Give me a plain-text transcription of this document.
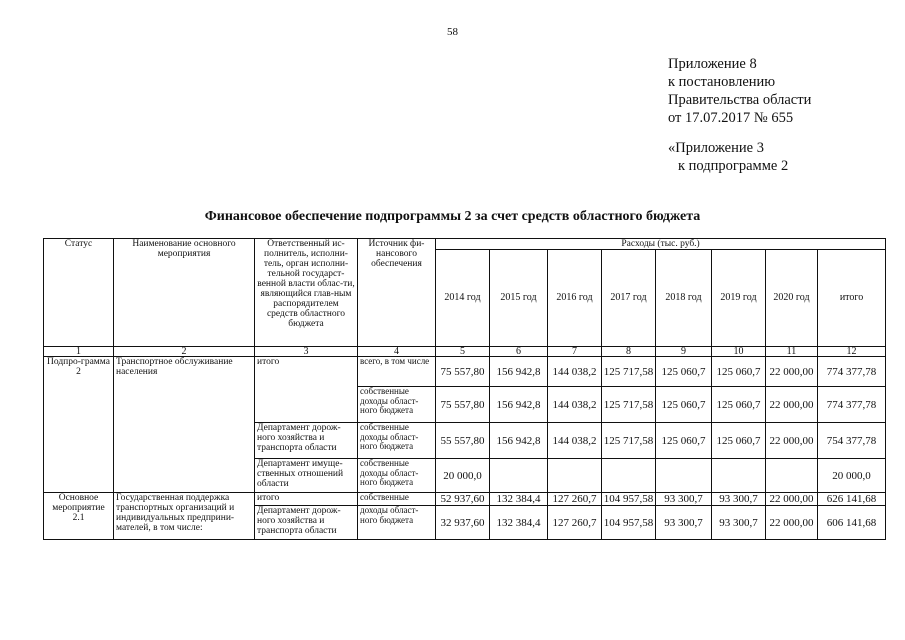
58
Приложение 8
к постановлению
Правительства области
от 17.07.2017 № 655
«Приложение 3
к подпрограмме 2
Финансовое обеспечение подпрограммы 2 за счет средств областного бюджета
Статус	Наименование основного мероприятия	Ответственный ис-полнитель, исполни-тель, орган исполни-тельной государст-венной власти облас-ти, являющийся глав-ным распорядителем средств областного бюджета	Источник фи-нансового обеспечения	Расходы (тыс. руб.)							
				2014 год	2015 год	2016 год	2017 год	2018 год	2019 год	2020 год	итого
1	2	3	4	5	6	7	8	9	10	11	12
Подпро-грамма 2	Транспортное обслуживание населения	итого	всего, в том числе	75 557,80	156 942,8	144 038,2	125 717,58	125 060,7	125 060,7	22 000,00	774 377,78
			собственные доходы област-ного бюджета	75 557,80	156 942,8	144 038,2	125 717,58	125 060,7	125 060,7	22 000,00	774 377,78
		Департамент дорож-ного хозяйства и транспорта области	собственные доходы област-ного бюджета	55 557,80	156 942,8	144 038,2	125 717,58	125 060,7	125 060,7	22 000,00	754 377,78
		Департамент имуще-ственных отношений области	собственные доходы област-ного бюджета	20 000,0							20 000,0
Основное мероприятие 2.1	Государственная поддержка транспортных организаций и индивидуальных предприни-мателей, в том числе:	итого	собственные	52 937,60	132 384,4	127 260,7	104 957,58	93 300,7	93 300,7	22 000,00	626 141,68
		Департамент дорож-ного хозяйства и транспорта области	доходы област-ного бюджета	32 937,60	132 384,4	127 260,7	104 957,58	93 300,7	93 300,7	22 000,00	606 141,68
